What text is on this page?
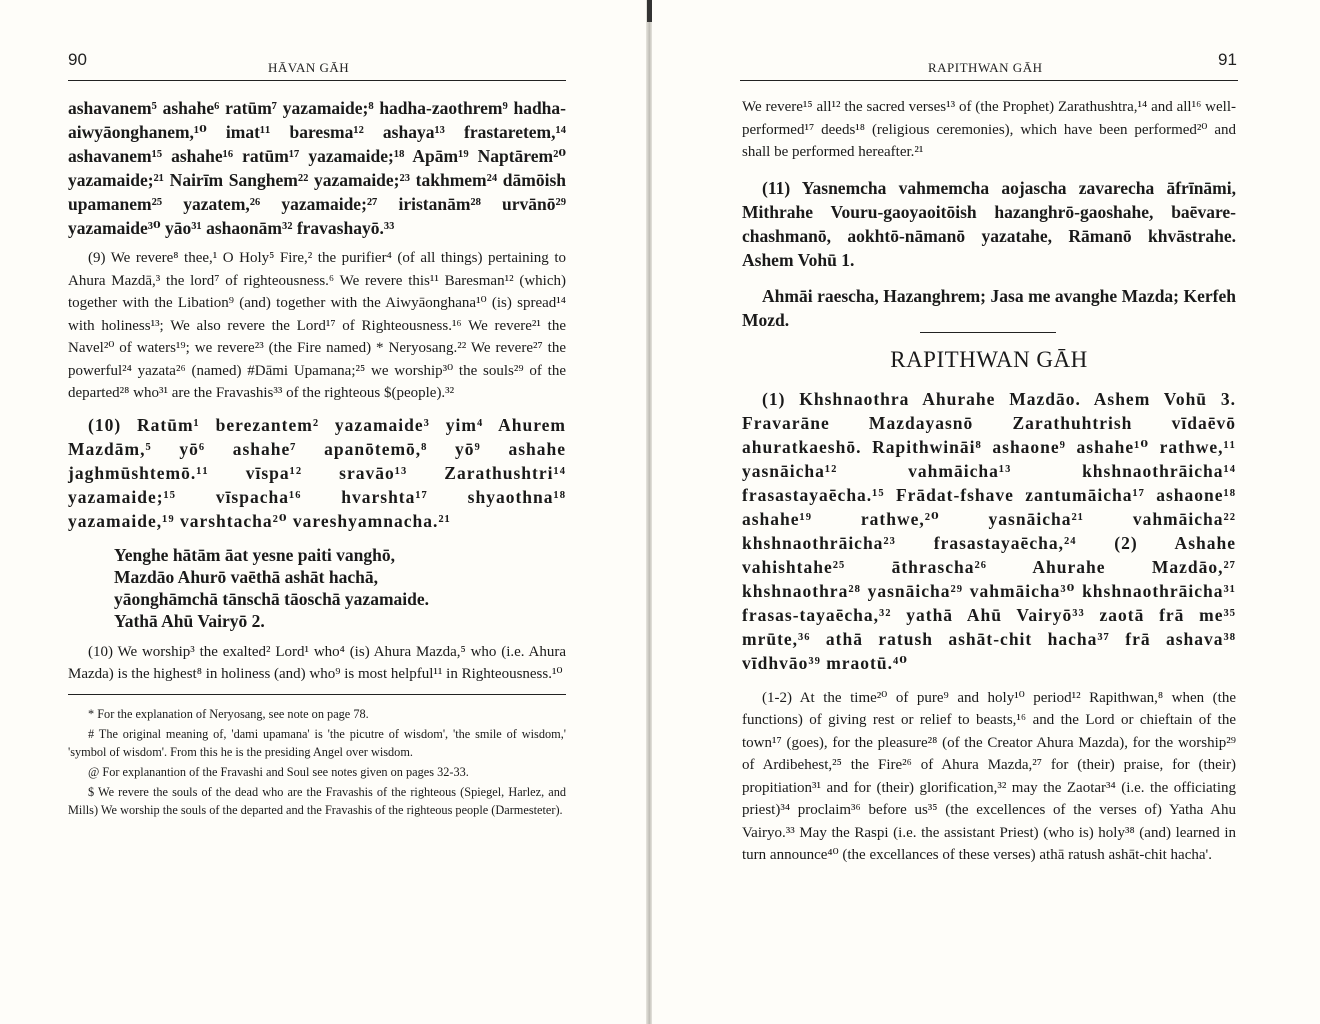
90	HĀVAN GĀH

ashavanem⁵ ashahe⁶ ratūm⁷ yazamaide;⁸ hadha-zaothrem⁹ hadha-aiwyāonghanem,¹⁰ imat¹¹ baresma¹² ashaya¹³ frastaretem,¹⁴ ashavanem¹⁵ ashahe¹⁶ ratūm¹⁷ yazamaide;¹⁸ Apām¹⁹ Naptārem²⁰ yazamaide;²¹ Nairīm Sanghem²² yazamaide;²³ takhmem²⁴ dāmōish upamanem²⁵ yazatem,²⁶ yazamaide;²⁷ iristanām²⁸ urvānō²⁹ yazamaide³⁰ yāo³¹ ashaonām³² fravashayō.³³

(9) We revere⁸ thee,¹ O Holy⁵ Fire,² the purifier⁴ (of all things) pertaining to Ahura Mazdā,³ the lord⁷ of righteousness.⁶ We revere this¹¹ Baresman¹² (which) together with the Libation⁹ (and) together with the Aiwyāonghana¹⁰ (is) spread¹⁴ with holiness¹³; We also revere the Lord¹⁷ of Righteousness.¹⁶ We revere²¹ the Navel²⁰ of waters¹⁹; we revere²³ (the Fire named) * Neryosang.²² We revere²⁷ the powerful²⁴ yazata²⁶ (named) #Dāmi Upamana;²⁵ we worship³⁰ the souls²⁹ of the departed²⁸ who³¹ are the Fravashis³³ of the righteous $(people).³²

(10) Ratūm¹ berezantem² yazamaide³ yim⁴ Ahurem Mazdām,⁵ yō⁶ ashahe⁷ apanōtemō,⁸ yō⁹ ashahe jaghmūshtemō.¹¹ vīspa¹² sravāo¹³ Zarathushtri¹⁴ yazamaide;¹⁵ vīspacha¹⁶ hvarshta¹⁷ shyaothna¹⁸ yazamaide,¹⁹ varshtacha²⁰ vareshyamnacha.²¹

Yenghe hātām āat yesne paiti vanghō,
Mazdāo Ahurō vaēthā ashāt hachā,
yāonghāmchā tānschā tāoschā yazamaide.
Yathā Ahū Vairyō 2.

(10) We worship³ the exalted² Lord¹ who⁴ (is) Ahura Mazda,⁵ who (i.e. Ahura Mazda) is the highest⁸ in holiness (and) who⁹ is most helpful¹¹ in Righteousness.¹⁰

* For the explanation of Neryosang, see note on page 78.

# The original meaning of, 'dami upamana' is 'the picutre of wisdom', 'the smile of wisdom,' 'symbol of wisdom'. From this he is the presiding Angel over wisdom.

@ For explanantion of the Fravashi and Soul see notes given on pages 32-33.

$ We revere the souls of the dead who are the Fravashis of the righteous (Spiegel, Harlez, and Mills) We worship the souls of the departed and the Fravashis of the righteous people (Darmesteter).

91
RAPITHWAN GĀH

We revere¹⁵ all¹² the sacred verses¹³ of (the Prophet) Zarathushtra,¹⁴ and all¹⁶ well-performed¹⁷ deeds¹⁸ (religious ceremonies), which have been performed²⁰ and shall be performed hereafter.²¹

(11) Yasnemcha vahmemcha aojascha zavarecha āfrīnāmi, Mithrahe Vouru-gaoyaoitōish hazanghrō-gaoshahe, baēvare-chashmanō, aokhtō-nāmanō yazatahe, Rāmanō khvāstrahe. Ashem Vohū 1.

Ahmāi raescha, Hazanghrem; Jasa me avanghe Mazda; Kerfeh Mozd.

RAPITHWAN GĀH

(1) Khshnaothra Ahurahe Mazdāo. Ashem Vohū 3. Fravarāne Mazdayasnō Zarathuhtrish vīdaēvō ahuratkaeshō. Rapithwināi⁸ ashaone⁹ ashahe¹⁰ rathwe,¹¹ yasnāicha¹² vahmāicha¹³ khshnaothrāicha¹⁴ frasastayaēcha.¹⁵ Frādat-fshave zantumāicha¹⁷ ashaone¹⁸ ashahe¹⁹ rathwe,²⁰ yasnāicha²¹ vahmāicha²² khshnaothrāicha²³ frasastayaēcha,²⁴ (2) Ashahe vahishtahe²⁵ āthrascha²⁶ Ahurahe Mazdāo,²⁷ khshnaothra²⁸ yasnāicha²⁹ vahmāicha³⁰ khshnaothrāicha³¹ frasas-tayaēcha,³² yathā Ahū Vairyō³³ zaotā frā me³⁵ mrūte,³⁶ athā ratush ashāt-chit hacha³⁷ frā ashava³⁸ vīdhvāo³⁹ mraotū.⁴⁰

(1-2) At the time²⁰ of pure⁹ and holy¹⁰ period¹² Rapithwan,⁸ when (the functions) of giving rest or relief to beasts,¹⁶ and the Lord or chieftain of the town¹⁷ (goes), for the pleasure²⁸ (of the Creator Ahura Mazda), for the worship²⁹ of Ardibehest,²⁵ the Fire²⁶ of Ahura Mazda,²⁷ for (their) praise, for (their) propitiation³¹ and for (their) glorification,³² may the Zaotar³⁴ (i.e. the officiating priest)³⁴ proclaim³⁶ before us³⁵ (the excellences of the verses of) Yatha Ahu Vairyo.³³ May the Raspi (i.e. the assistant Priest) (who is) holy³⁸ (and) learned in turn announce⁴⁰ (the excellances of these verses) athā ratush ashāt-chit hacha'.
